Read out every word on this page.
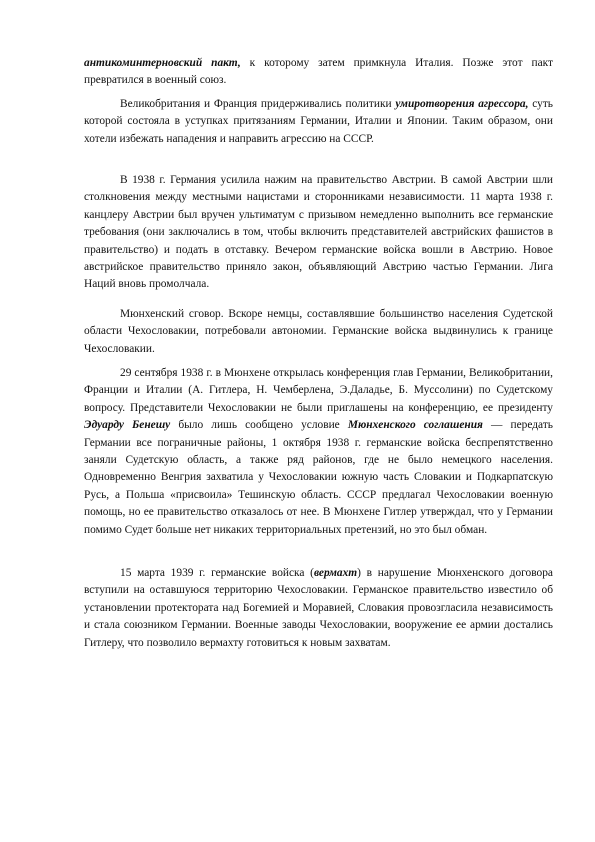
антикоминтерновский пакт, к которому затем примкнула Италия. Позже этот пакт превратился в военный союз.

Великобритания и Франция придерживались политики умиротворения агрессора, суть которой состояла в уступках притязаниям Германии, Италии и Японии. Таким образом, они хотели избежать нападения и направить агрессию на СССР.

В 1938 г. Германия усилила нажим на правительство Австрии. В самой Австрии шли столкновения между местными нацистами и сторонниками независимости. 11 марта 1938 г. канцлеру Австрии был вручен ультиматум с призывом немедленно выполнить все германские требования (они заключались в том, чтобы включить представителей австрийских фашистов в правительство) и подать в отставку. Вечером германские войска вошли в Австрию. Новое австрийское правительство приняло закон, объявляющий Австрию частью Германии. Лига Наций вновь промолчала.

Мюнхенский сговор. Вскоре немцы, составлявшие большинство населения Судетской области Чехословакии, потребовали автономии. Германские войска выдвинулись к границе Чехословакии.

29 сентября 1938 г. в Мюнхене открылась конференция глав Германии, Великобритании, Франции и Италии (А. Гитлера, Н. Чемберлена, Э.Даладье, Б. Муссолини) по Судетскому вопросу. Представители Чехословакии не были приглашены на конференцию, ее президенту Эдуарду Бенешу было лишь сообщено условие Мюнхенского соглашения — передать Германии все пограничные районы, 1 октября 1938 г. германские войска беспрепятственно заняли Судетскую область, а также ряд районов, где не было немецкого населения. Одновременно Венгрия захватила у Чехословакии южную часть Словакии и Подкарпатскую Русь, а Польша «присвоила» Тешинскую область. СССР предлагал Чехословакии военную помощь, но ее правительство отказалось от нее. В Мюнхене Гитлер утверждал, что у Германии помимо Судет больше нет никаких территориальных претензий, но это был обман.

15 марта 1939 г. германские войска (вермахт) в нарушение Мюнхенского договора вступили на оставшуюся территорию Чехословакии. Германское правительство известило об установлении протектората над Богемией и Моравией, Словакия провозгласила независимость и стала союзником Германии. Военные заводы Чехословакии, вооружение ее армии достались Гитлеру, что позволило вермахту готовиться к новым захватам.
